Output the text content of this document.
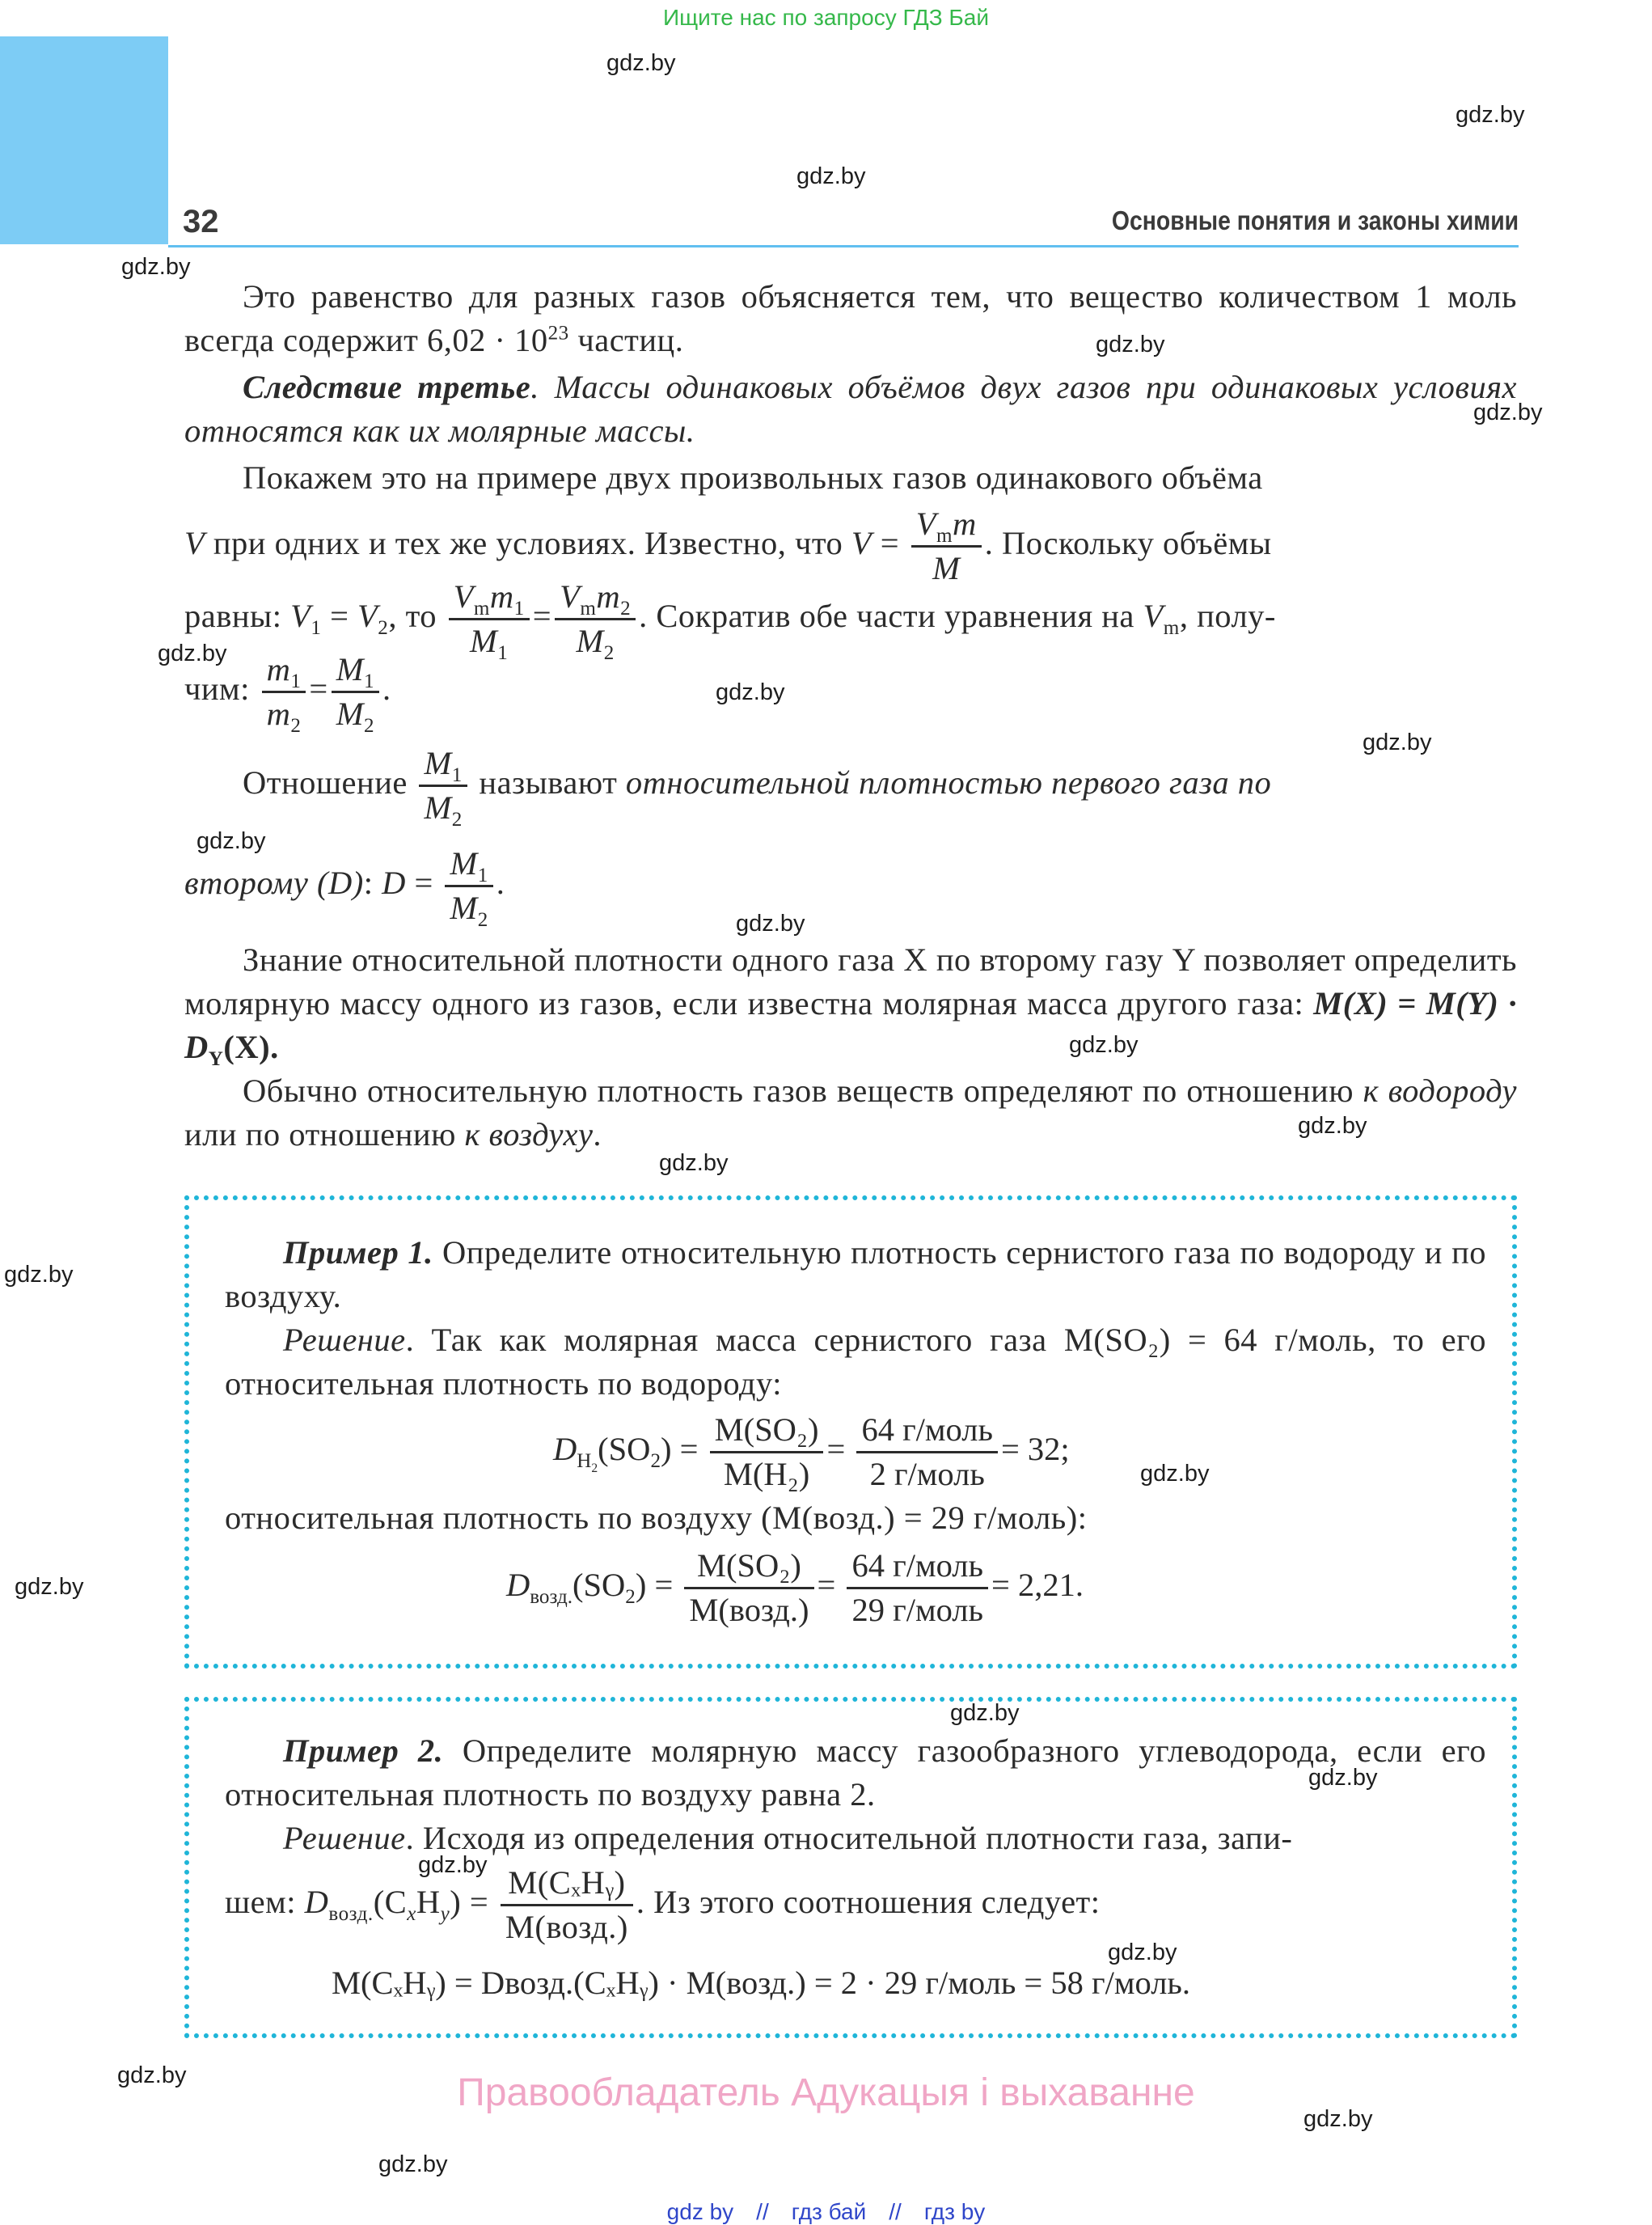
Ищите нас по запросу ГДЗ Бай
32	Основные понятия и законы химии
Это равенство для разных газов объясняется тем, что вещество количеством 1 моль всегда содержит $6,02 \cdot 10^{23}$ частиц.
Следствие третье. Массы одинаковых объёмов двух газов при одинаковых условиях относятся как их молярные массы.
Покажем это на примере двух произвольных газов одинакового объёма
V при одних и тех же условиях. Известно, что $V = \frac{V_mm}{M}$ . Поскольку объёмы
равны: $V_1 = V_2$, то $\frac{V_mm_1}{M_1} = \frac{V_mm_2}{M_2}$ . Сократив обе части уравнения на $V_m$, полу-
чим: $\frac{m_1}{m_2} = \frac{M_1}{M_2}$ .
Отношение $\frac{M_1}{M_2}$ называют относительной плотностью первого газа по
второму (D): $D = \frac{M_1}{M_2}$ .
Знание относительной плотности одного газа X по второму газу Y позволяет определить молярную массу одного из газов, если известна молярная масса другого газа: $M(X) = M(Y) \cdot D_Y(X)$.
Обычно относительную плотность газов веществ определяют по отношению к водороду или по отношению к воздуху.
Пример 1. Определите относительную плотность сернистого газа по водороду и по воздуху.
Решение. Так как молярная масса сернистого газа M(SO₂) = 64 г/моль, то его относительная плотность по водороду:
$D_{H_2}(SO_2) = \frac{\text{M(SO₂)}}{\text{M(H₂)}} = \frac{\text{64 г/моль}}{\text{2 г/моль}} = 32$;
относительная плотность по воздуху (M(возд.) = 29 г/моль):
$D_{возд.}(SO_2) = \frac{\text{M(SO₂)}}{\text{M(возд.)}} = \frac{\text{64 г/моль}}{\text{29 г/моль}} = 2,21$.
Пример 2. Определите молярную массу газообразного углеводорода, если его относительная плотность по воздуху равна 2.
Решение. Исходя из определения относительной плотности газа, запи-
шем: $D_{возд.}(C_xH_y) = \frac{\text{M(CₓHᵧ)}}{\text{M(возд.)}}$ . Из этого соотношения следует:
M(CₓHᵧ) = Dвозд.(CₓHᵧ) · M(возд.) = 2 · 29 г/моль = 58 г/моль.
gdz.by
gdz.by
gdz.by
gdz.by
gdz.by
gdz.by
gdz.by
gdz.by
gdz.by
gdz.by
gdz.by
gdz.by
gdz.by
gdz.by
gdz.by
gdz.by
gdz.by
gdz.by
gdz.by
gdz.by
gdz.by
gdz.by
gdz.by
gdz.by
Правообладатель Адукацыя і выхаванне
gdz by // гдз бай // гдз by
